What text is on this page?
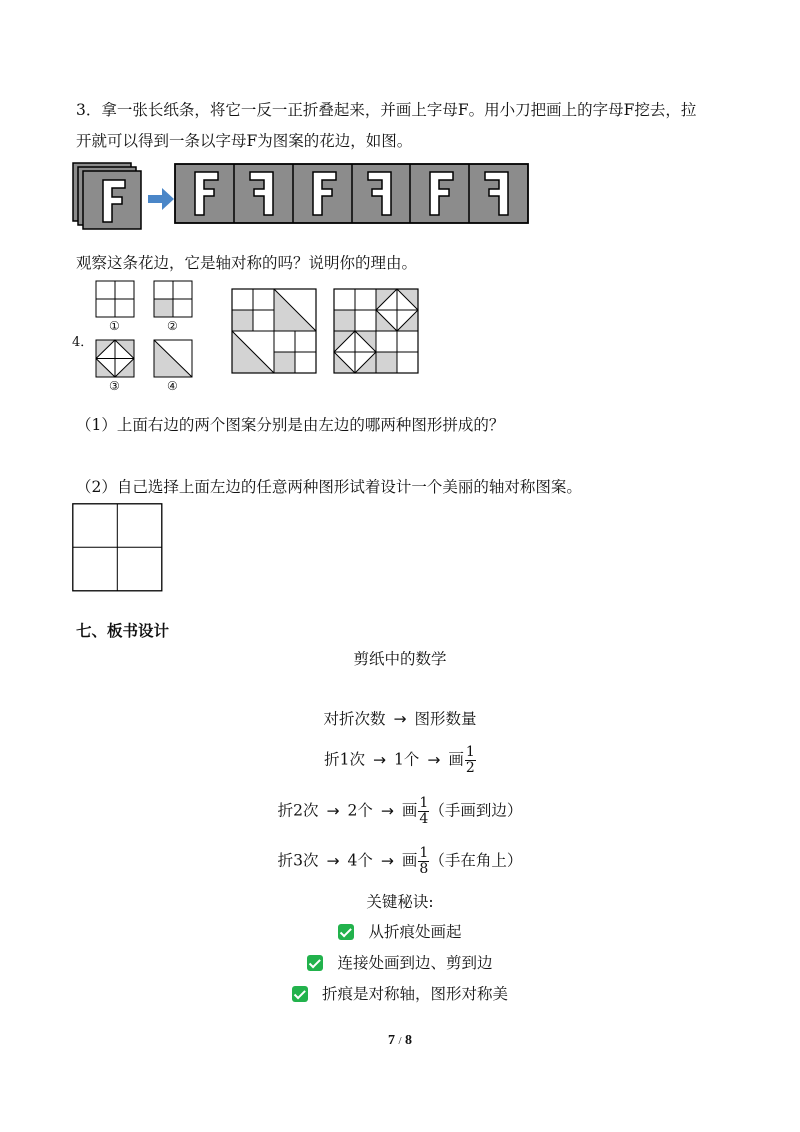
3．拿一张长纸条，将它一反一正折叠起来，并画上字母F。用小刀把画上的字母F挖去，拉
开就可以得到一条以字母F为图案的花边，如图。
观察这条花边，它是轴对称的吗？说明你的理由。
4．
①	②
③	④
（1）上面右边的两个图案分别是由左边的哪两种图形拼成的？
（2）自己选择上面左边的任意两种图形试着设计一个美丽的轴对称图案。
七、板书设计
剪纸中的数学
对折次数 → 图形数量
折1次 → 1个 → 画 $\frac{1}{2}$
折2次 → 2个 → 画 $\frac{1}{4}$ （手画到边）
折3次 → 4个 → 画 $\frac{1}{8}$ （手在角上）
关键秘诀:
从折痕处画起
连接处画到边、剪到边
折痕是对称轴，图形对称美
7 / 8
